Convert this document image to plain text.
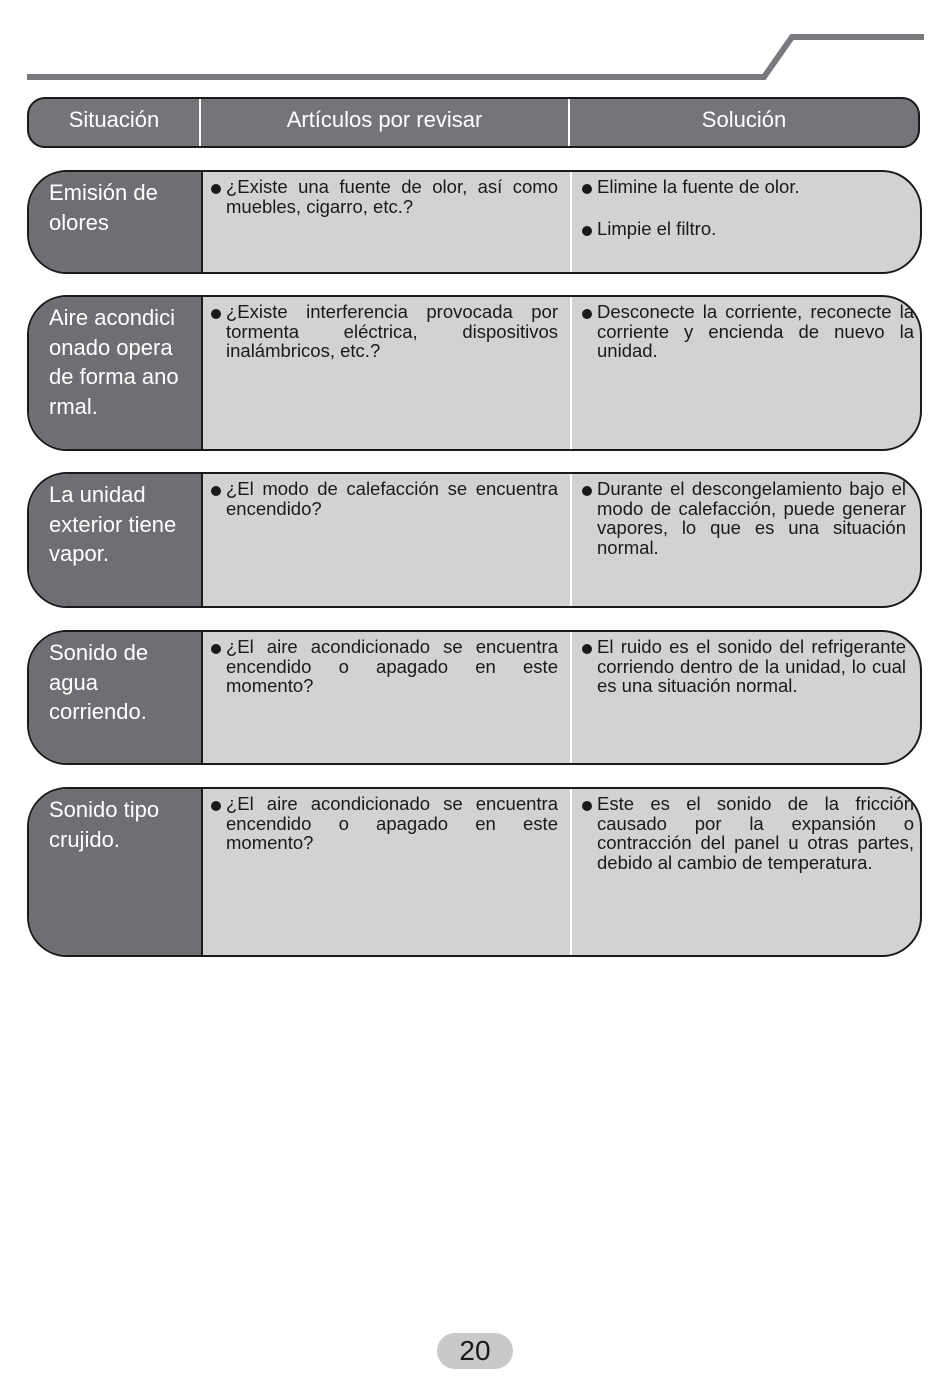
Situación	Artículos por revisar	Solución
Emisión de olores
¿Existe una fuente de olor, así como muebles, cigarro, etc.?
Elimine la fuente de olor.
Limpie el filtro.
Aire acondicionado opera de forma anormal.
¿Existe interferencia provocada por tormenta eléctrica, dispositivos inalámbricos, etc.?
Desconecte la corriente, reconecte la corriente y encienda de nuevo la unidad.
La unidad exterior tiene vapor.
¿El modo de calefacción se encuentra encendido?
Durante el descongelamiento bajo el modo de calefacción, puede generar vapores, lo que es una situación normal.
Sonido de agua corriendo.
¿El aire acondicionado se encuentra encendido o apagado en este momento?
El ruido es el sonido del refrigerante corriendo dentro de la unidad, lo cual es una situación normal.
Sonido tipo crujido.
¿El aire acondicionado se encuentra encendido o apagado en este momento?
Este es el sonido de la fricción causado por la expansión o contracción del panel u otras partes, debido al cambio de temperatura.
20
